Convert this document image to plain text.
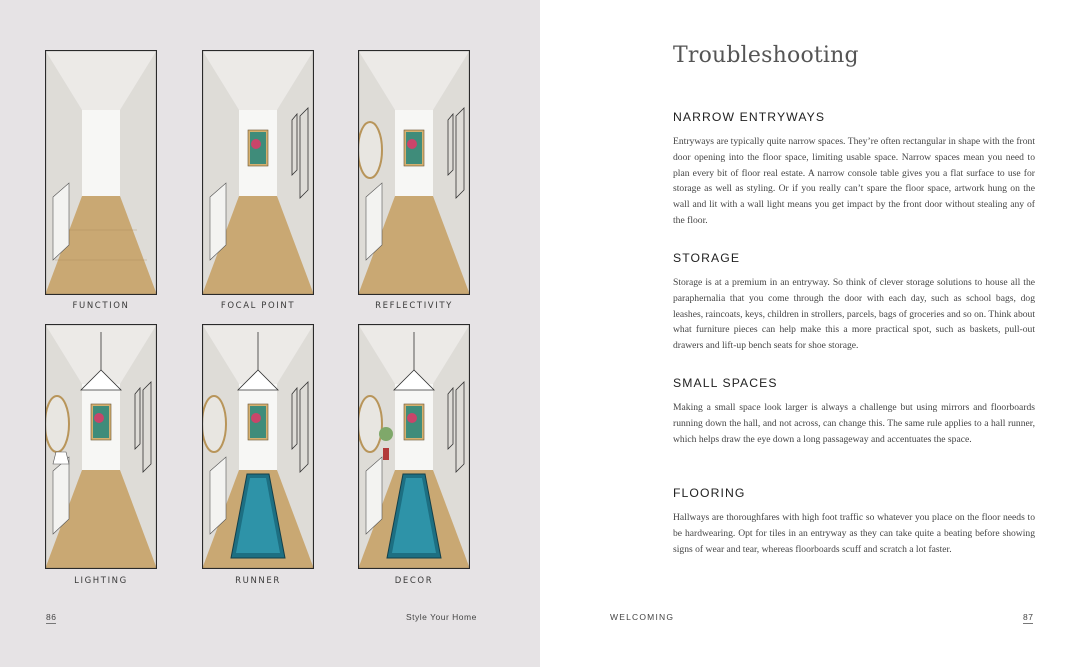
FUNCTION	FOCAL POINT	REFLECTIVITY
LIGHTING	RUNNER	DECOR
86	Style Your Home
Troubleshooting
NARROW ENTRYWAYS

Entryways are typically quite narrow spaces. They’re often rectangular in shape with the front door opening into the floor space, limiting usable space. Narrow spaces mean you need to plan every bit of floor real estate. A narrow console table gives you a flat surface to use for storage as well as styling. Or if you really can’t spare the floor space, artwork hung on the wall and lit with a wall light means you get impact by the front door without stealing any of the floor.

STORAGE

Storage is at a premium in an entryway. So think of clever storage solutions to house all the paraphernalia that you come through the door with each day, such as school bags, dog leashes, raincoats, keys, children in strollers, parcels, bags of groceries and so on. Think about what furniture pieces can help make this a more practical spot, such as baskets, pull-out drawers and lift-up bench seats for shoe storage.

SMALL SPACES

Making a small space look larger is always a challenge but using mirrors and floorboards running down the hall, and not across, can change this. The same rule applies to a hall runner, which helps draw the eye down a long passageway and accentuates the space.

FLOORING

Hallways are thoroughfares with high foot traffic so whatever you place on the floor needs to be hardwearing. Opt for tiles in an entryway as they can take quite a beating before showing signs of wear and tear, whereas floorboards scuff and scratch a lot faster.

WELCOMING	87
